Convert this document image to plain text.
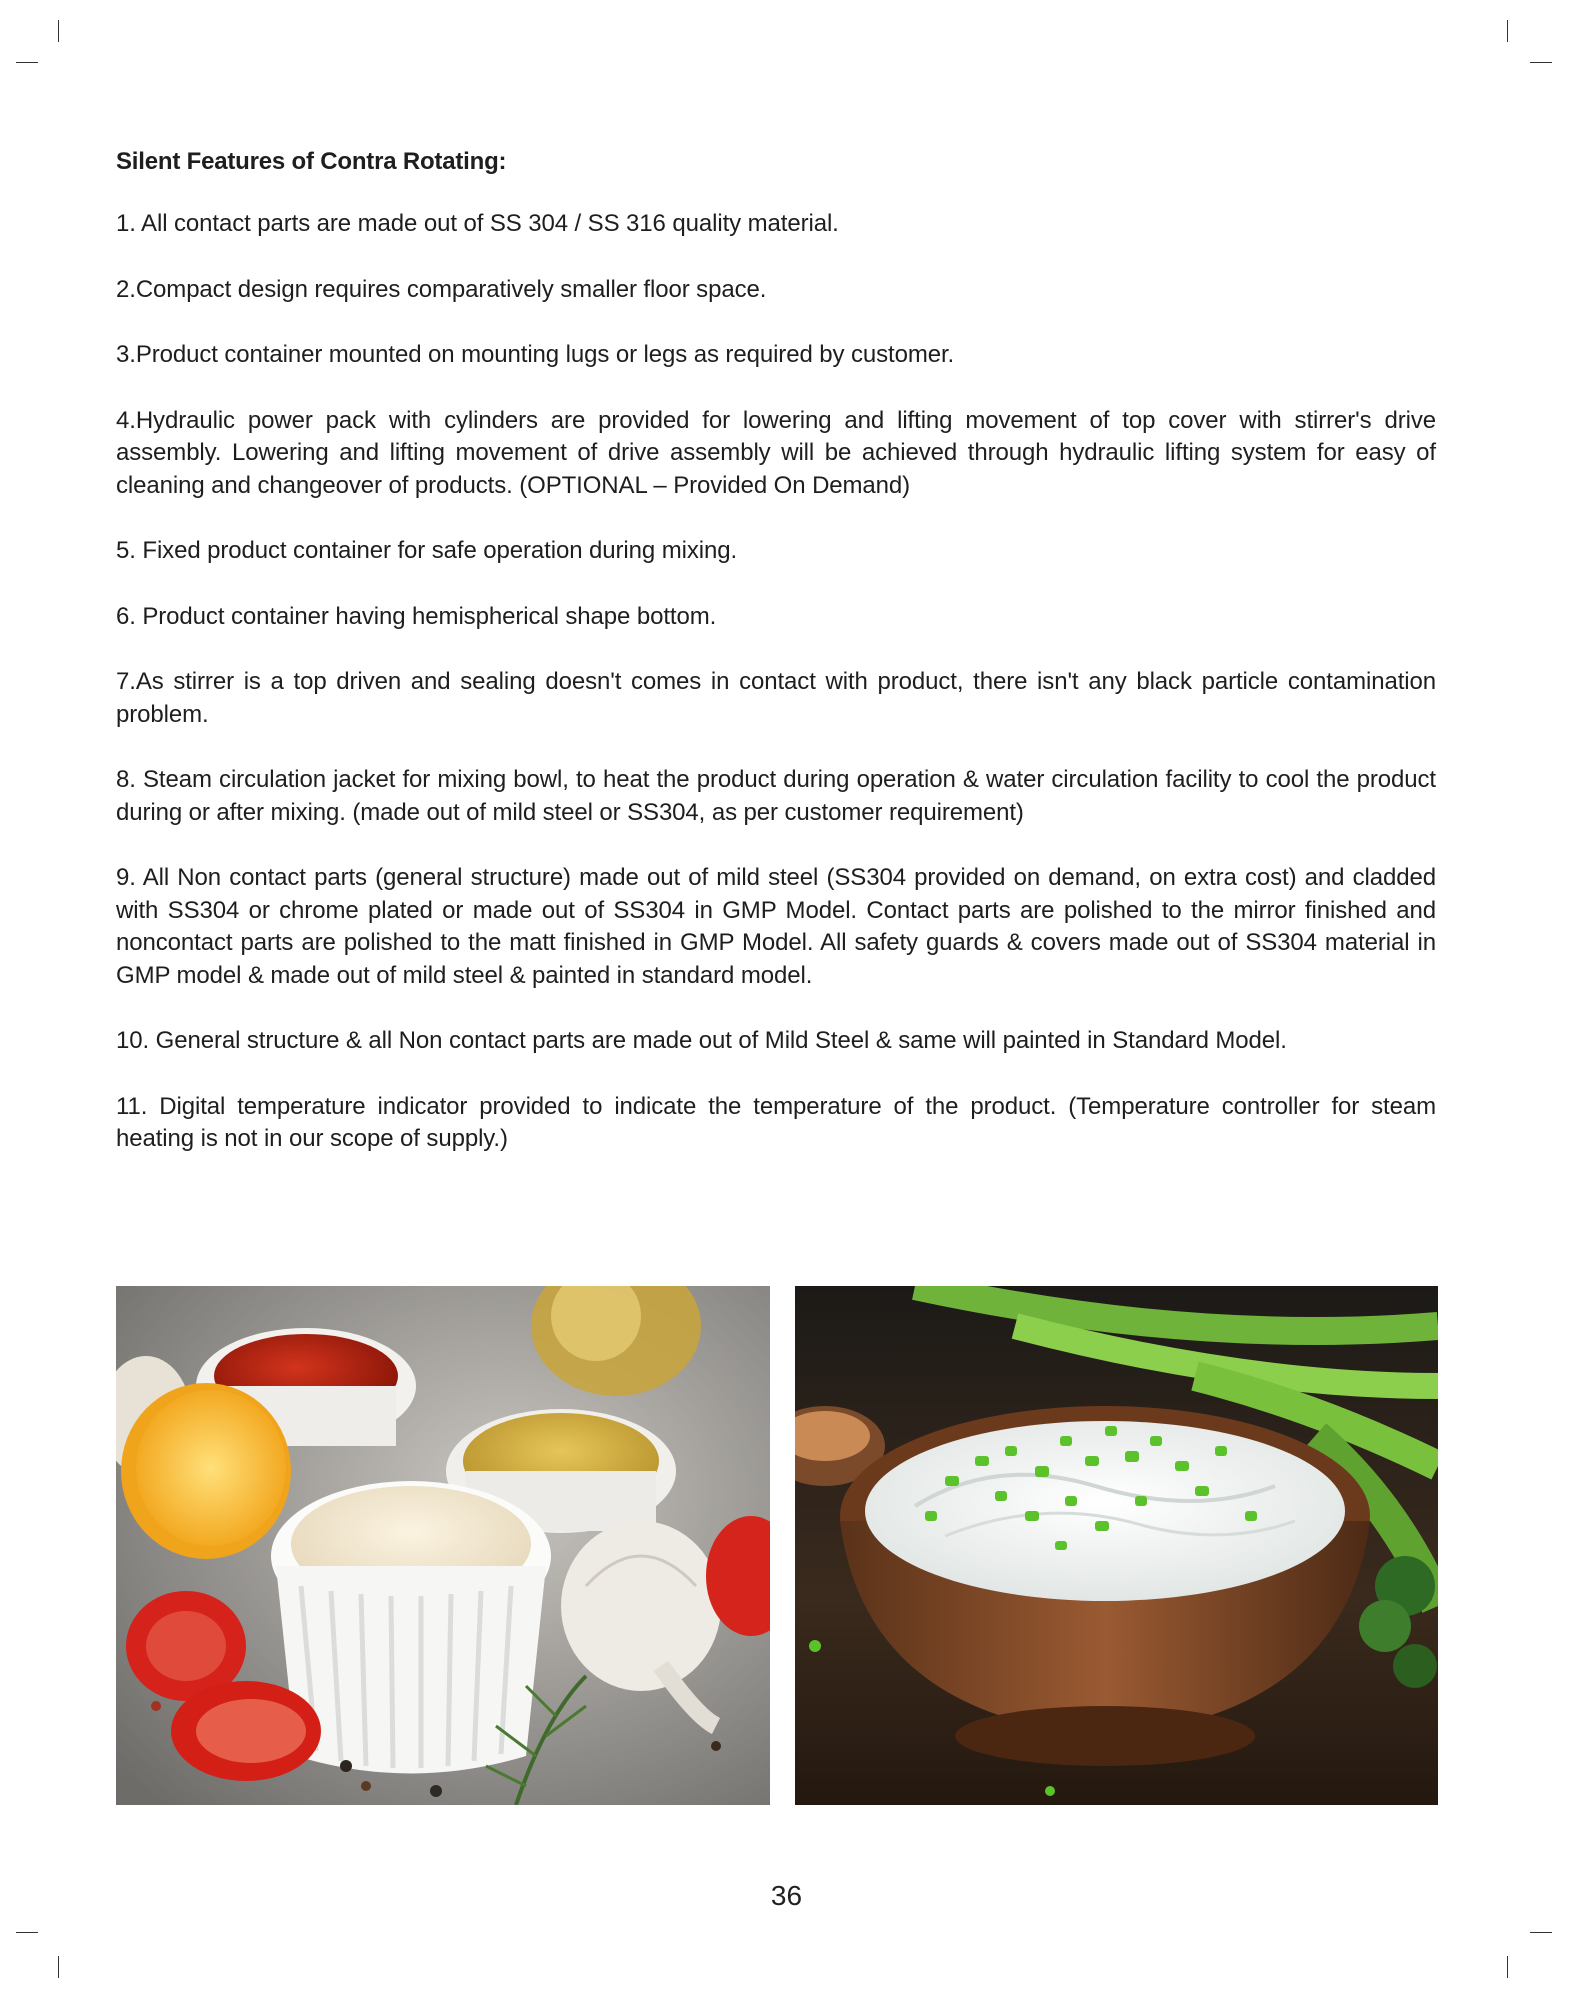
Silent Features of Contra Rotating:

1. All contact parts are made out of SS 304 / SS 316 quality material.

2.Compact design requires comparatively smaller floor space.

3.Product container mounted on mounting lugs or legs as required by customer.

4.Hydraulic power pack with cylinders are provided for lowering and lifting movement of top cover with stirrer's drive assembly. Lowering and lifting movement of drive assembly will be achieved through hydraulic lifting system for easy of cleaning and changeover of products. (OPTIONAL – Provided On Demand)

5. Fixed product container for safe operation during mixing.

6. Product container having hemispherical shape bottom.

7.As stirrer is a top driven and sealing doesn't comes in contact with product, there isn't any black particle contamination problem.

8. Steam circulation jacket for mixing bowl, to heat the product during operation & water circulation facility to cool the product during or after mixing. (made out of mild steel or SS304, as per customer requirement)

9. All Non contact parts (general structure) made out of mild steel (SS304 provided on demand, on extra cost) and cladded with SS304 or chrome plated or made out of SS304 in GMP Model. Contact parts are polished to the mirror finished and noncontact parts are polished to the matt finished in GMP Model. All safety guards & covers made out of SS304 material in GMP model & made out of mild steel & painted in standard model.

10. General structure & all Non contact parts are made out of Mild Steel & same will painted in Standard Model.

11. Digital temperature indicator provided to indicate the temperature of the product. (Temperature controller for steam heating is not in our scope of supply.)

36
